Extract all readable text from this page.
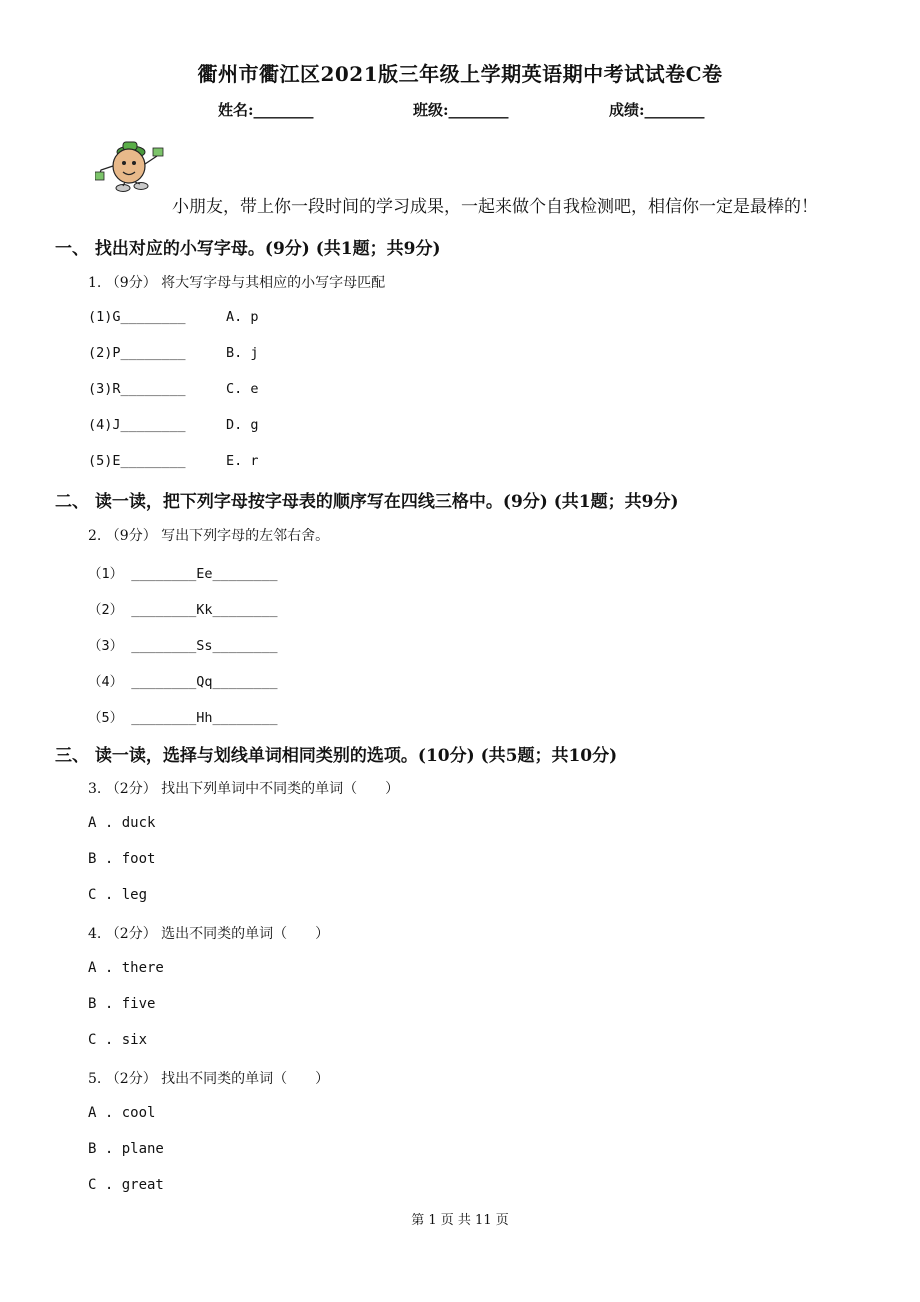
衢州市衢江区2021版三年级上学期英语期中考试试卷C卷
姓名:________	班级:________	成绩:________
小朋友，带上你一段时间的学习成果，一起来做个自我检测吧，相信你一定是最棒的！
一、 找出对应的小写字母。(9分) (共1题；共9分)
1. （9分） 将大写字母与其相应的小写字母匹配
(1)G________
(2)P________
(3)R________
(4)J________
(5)E________
A. p
B. j
C. e
D. g
E. r
二、 读一读，把下列字母按字母表的顺序写在四线三格中。(9分) (共1题；共9分)
2. （9分） 写出下列字母的左邻右舍。
（1） ________Ee________
（2） ________Kk________
（3） ________Ss________
（4） ________Qq________
（5） ________Hh________
三、 读一读，选择与划线单词相同类别的选项。(10分) (共5题；共10分)
3. （2分） 找出下列单词中不同类的单词（　　）
A . duck
B . foot
C . leg
4. （2分） 选出不同类的单词（　　）
A . there
B . five
C . six
5. （2分） 找出不同类的单词（　　）
A . cool
B . plane
C . great
第 1 页 共 11 页
